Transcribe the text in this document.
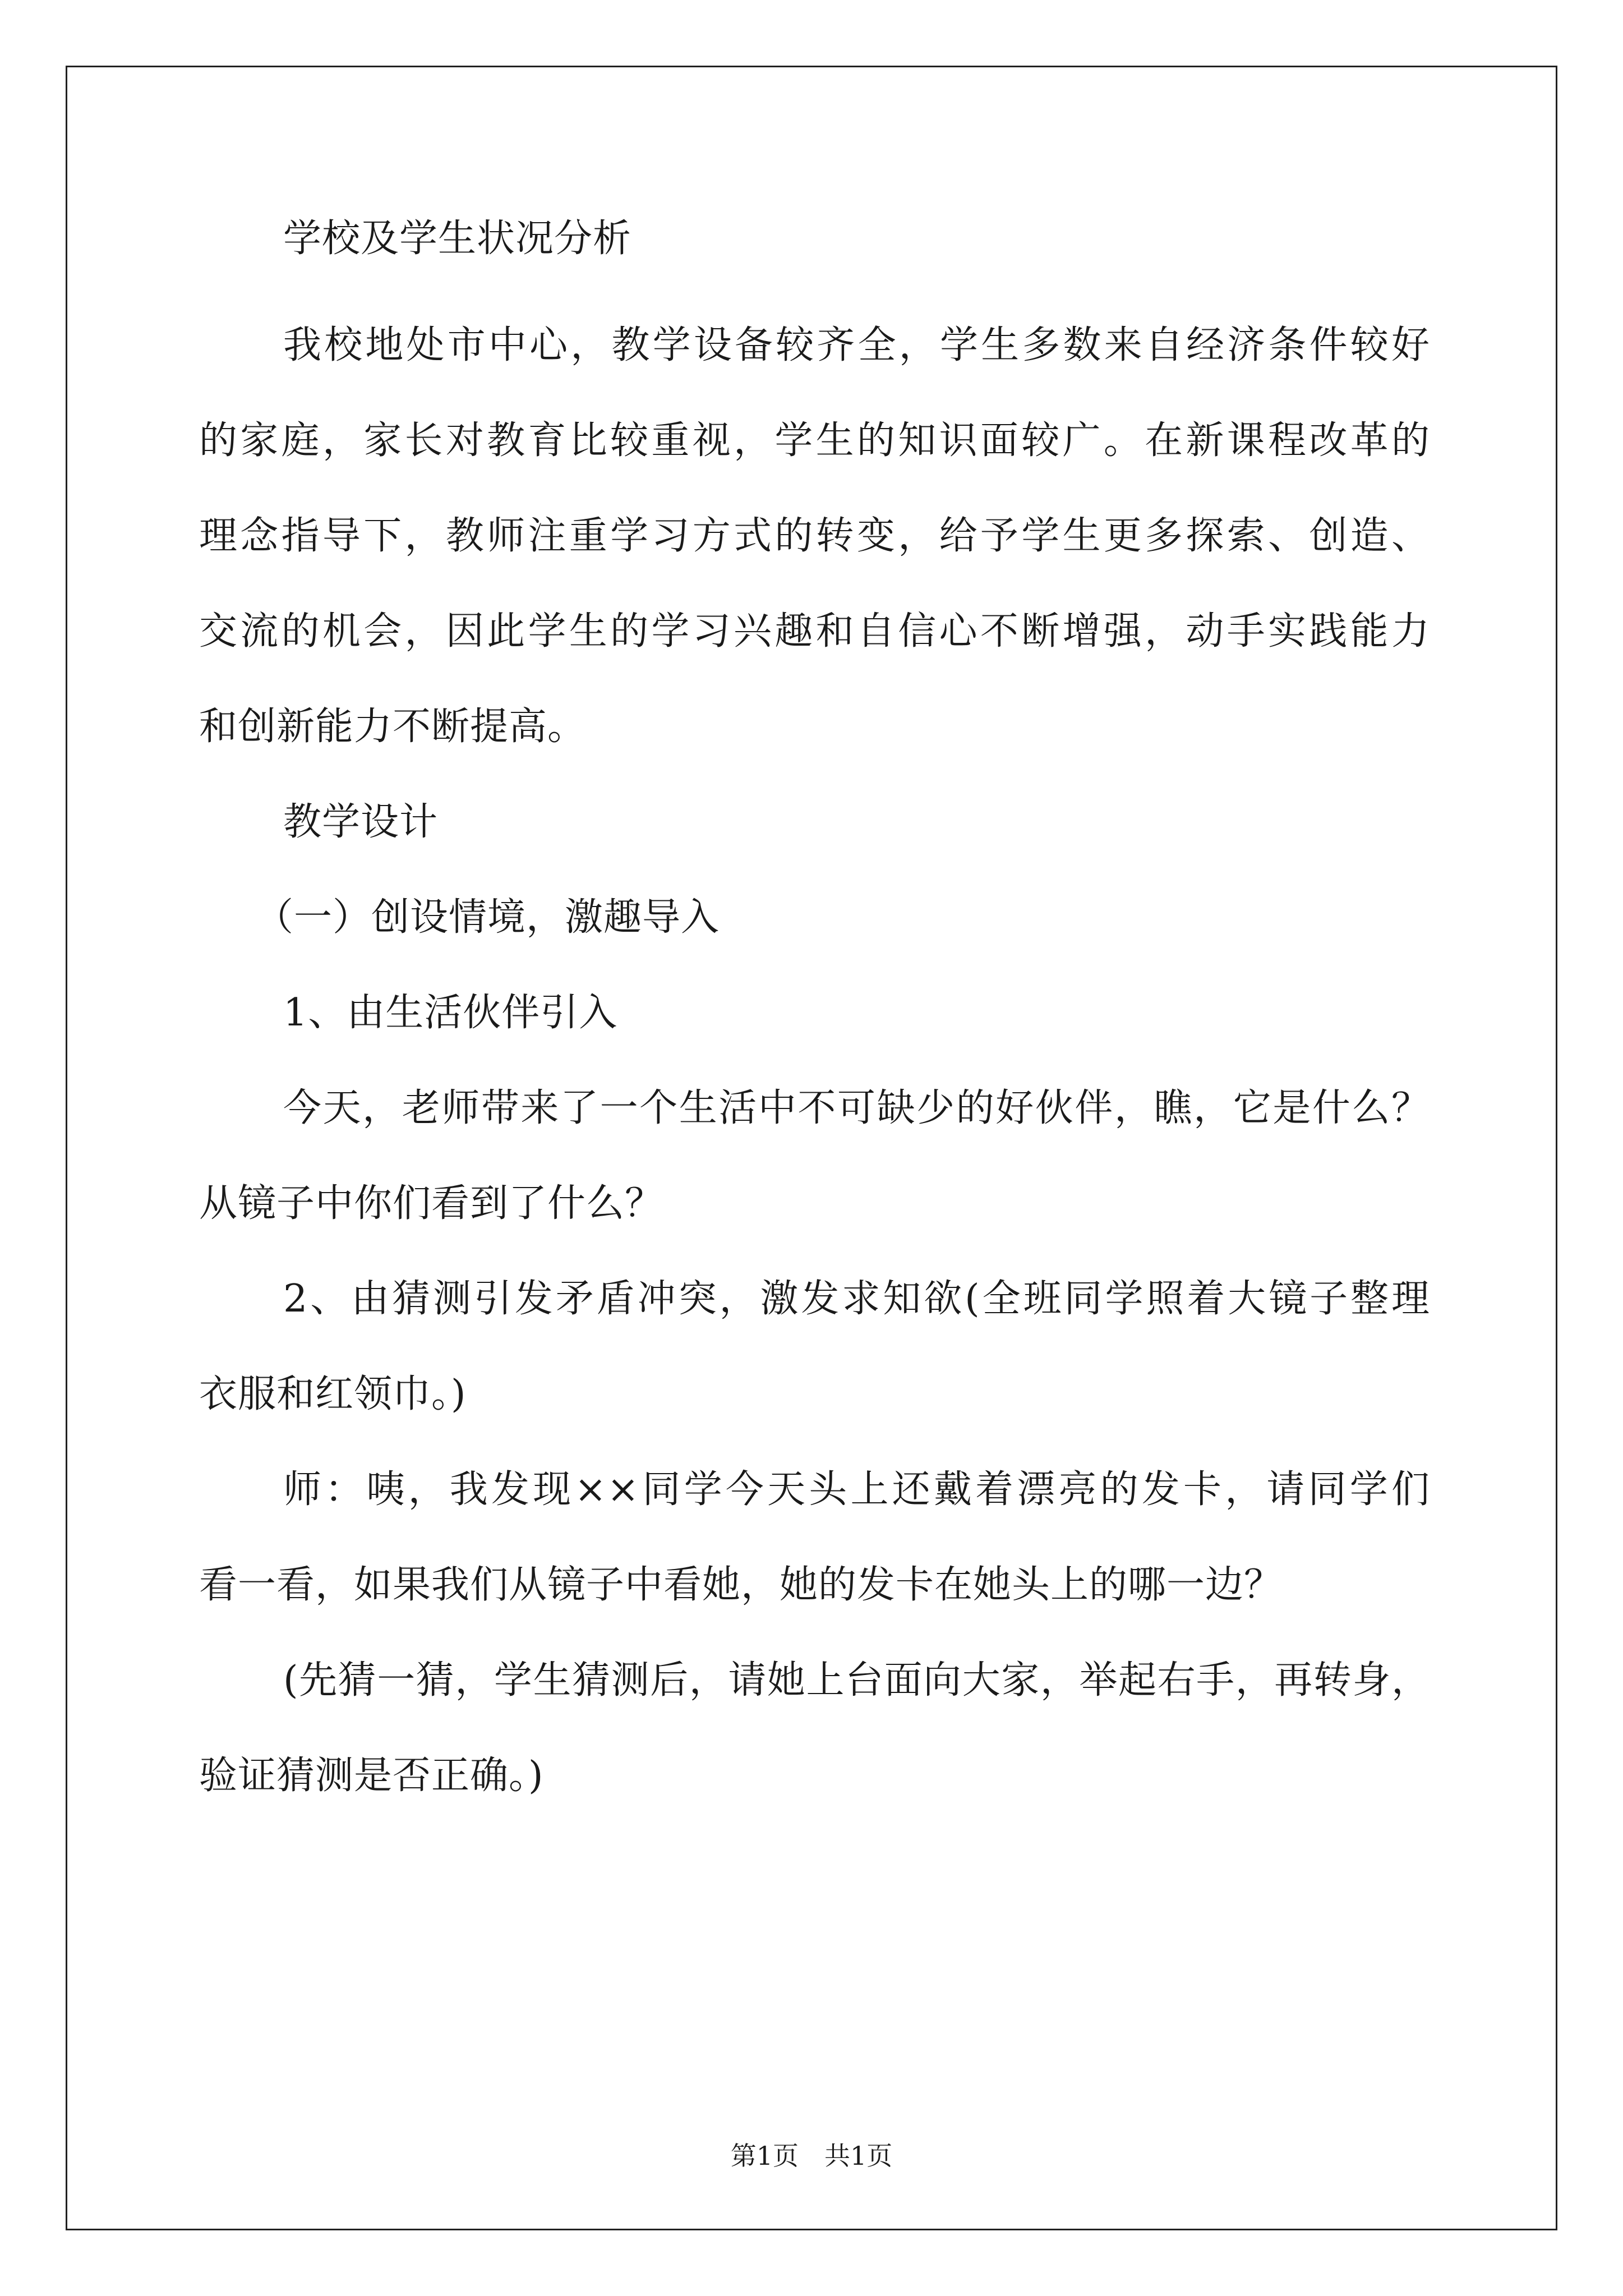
学校及学生状况分析
我校地处市中心，教学设备较齐全，学生多数来自经济条件较好
的家庭，家长对教育比较重视，学生的知识面较广。在新课程改革的
理念指导下，教师注重学习方式的转变，给予学生更多探索、创造、
交流的机会，因此学生的学习兴趣和自信心不断增强，动手实践能力
和创新能力不断提高。
教学设计
（一）创设情境，激趣导入
1、由生活伙伴引入
今天，老师带来了一个生活中不可缺少的好伙伴，瞧，它是什么？
从镜子中你们看到了什么？
2、由猜测引发矛盾冲突，激发求知欲(全班同学照着大镜子整理
衣服和红领巾。)
师：咦，我发现××同学今天头上还戴着漂亮的发卡，请同学们
看一看，如果我们从镜子中看她，她的发卡在她头上的哪一边？
(先猜一猜，学生猜测后，请她上台面向大家，举起右手，再转身，
验证猜测是否正确。)
第1页　共1页
